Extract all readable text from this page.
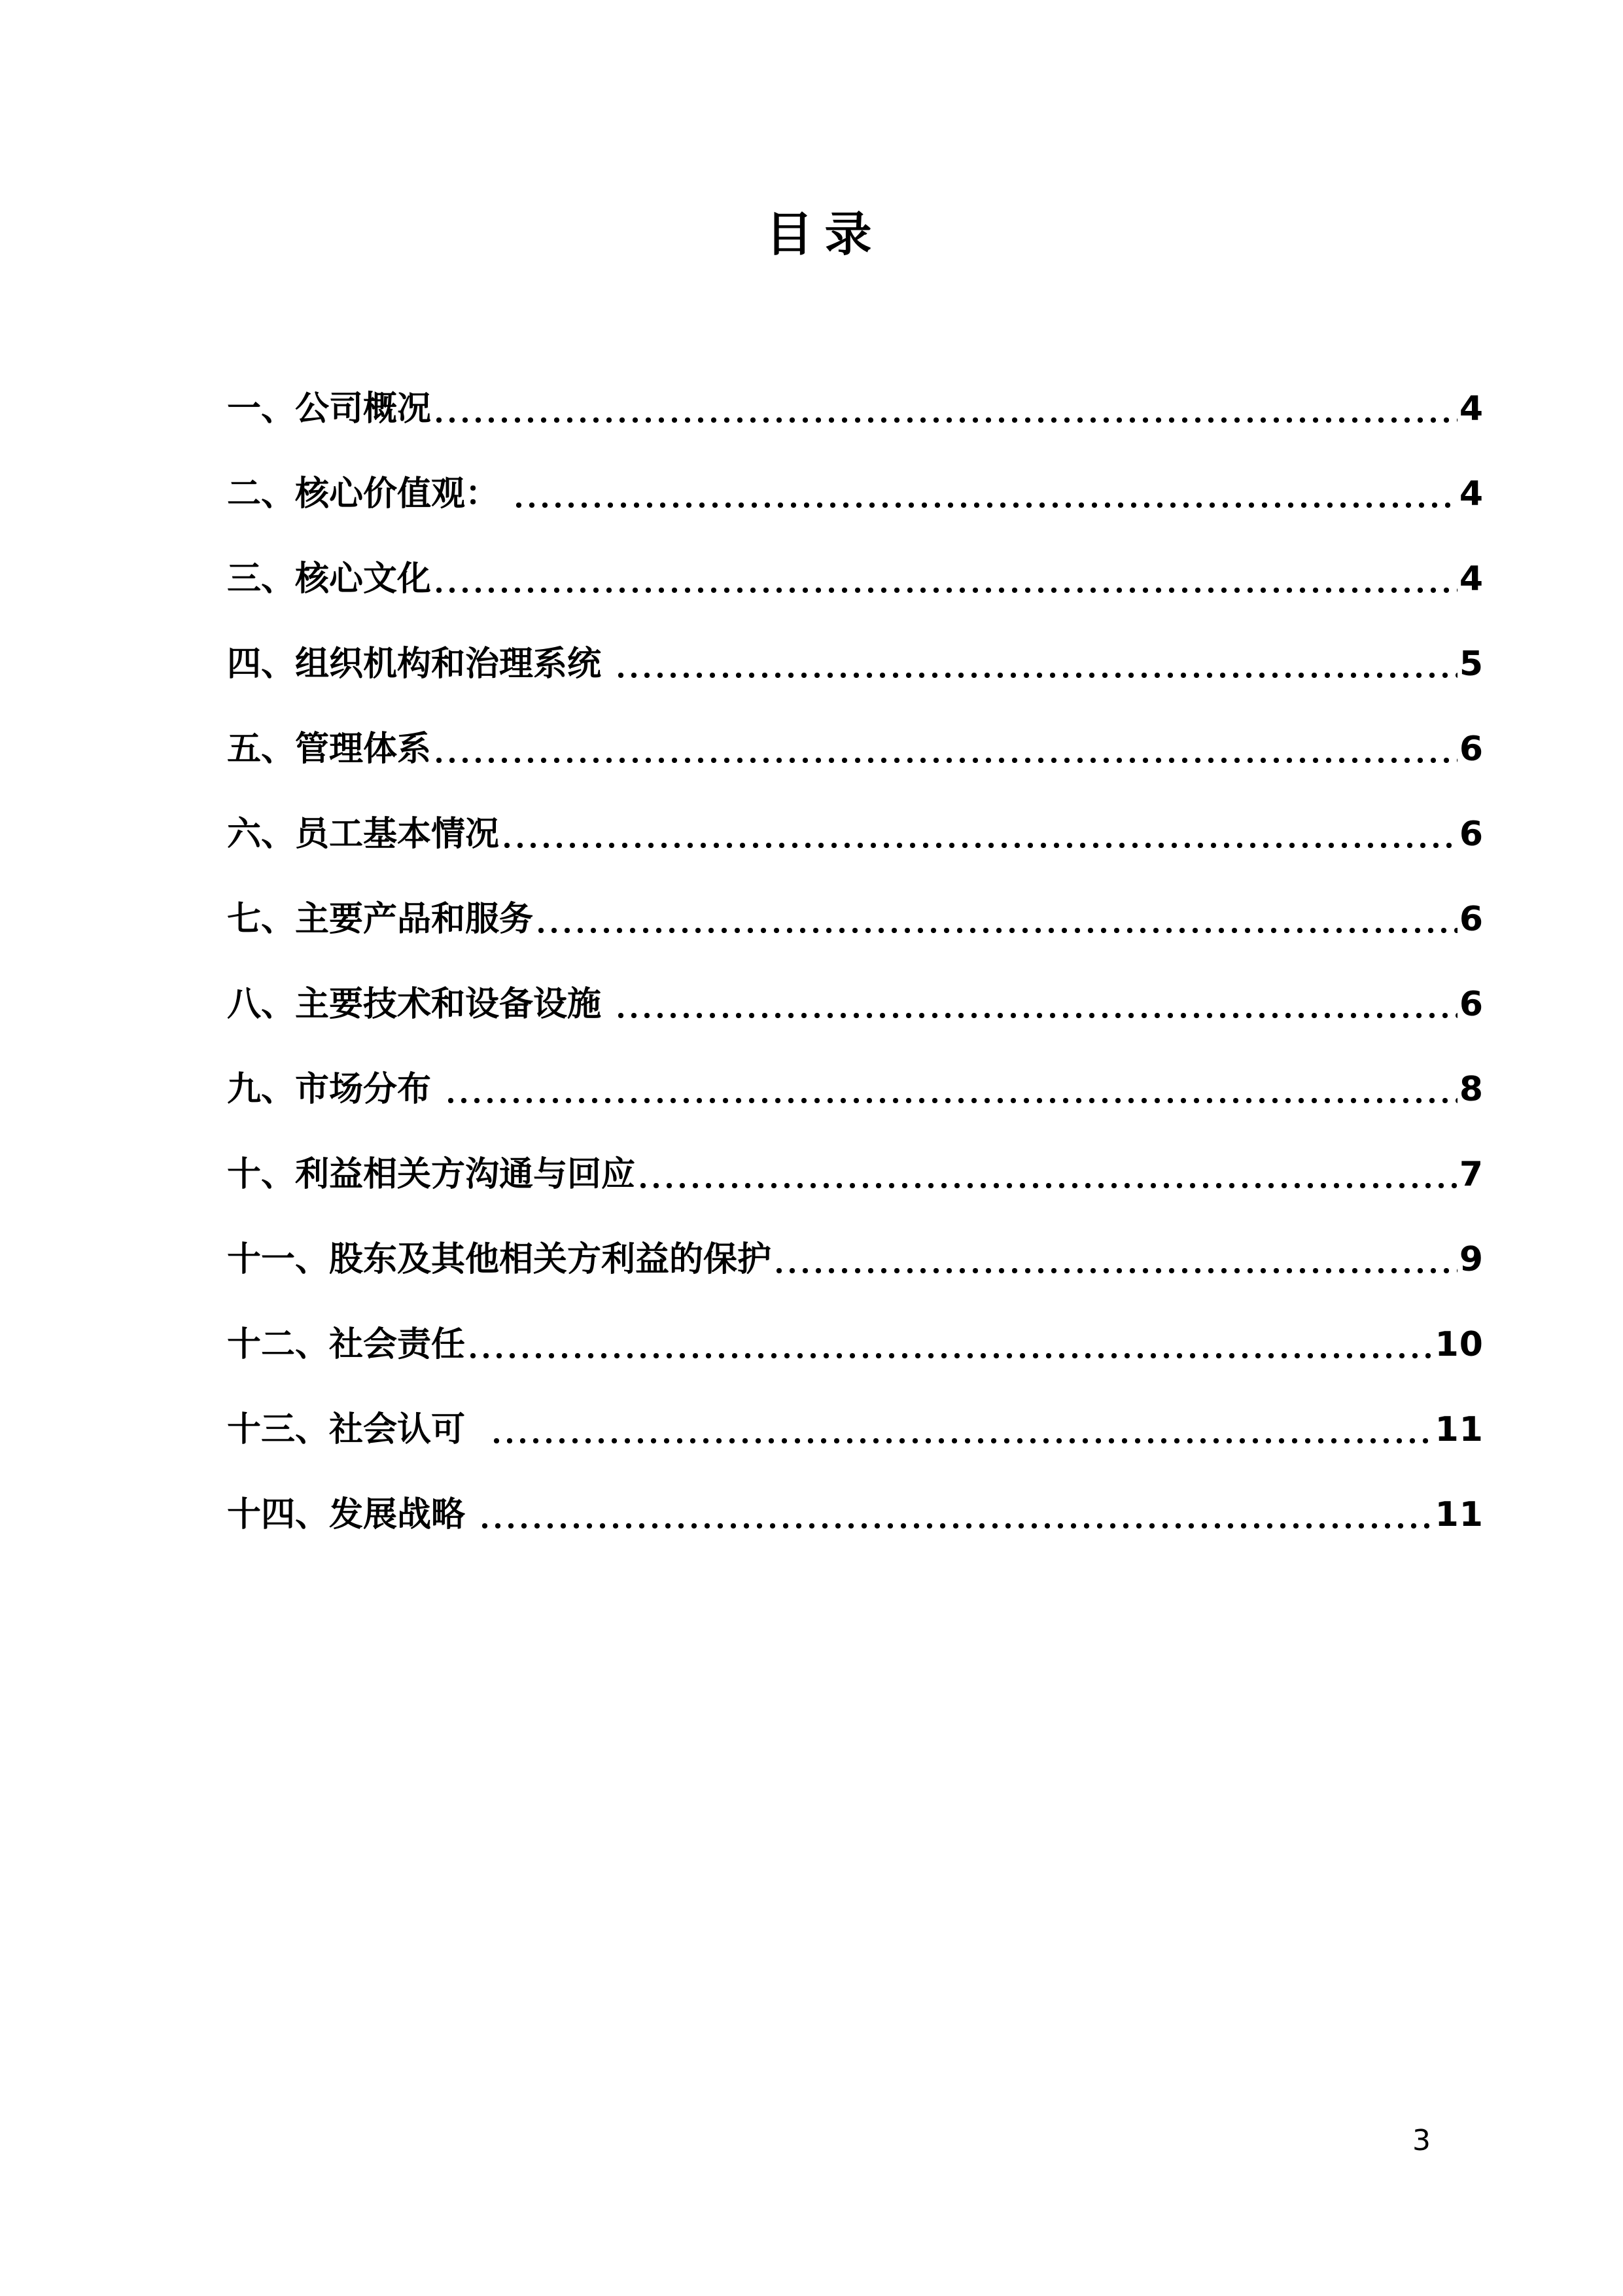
目录
一、公司概况	4
二、核心价值观：	4
三、核心文化	4
四、组织机构和治理系统	5
五、管理体系	6
六、员工基本情况	6
七、主要产品和服务	6
八、主要技术和设备设施	6
九、市场分布	8
十、利益相关方沟通与回应	7
十一、股东及其他相关方利益的保护	9
十二、社会责任	10
十三、社会认可	11
十四、发展战略	11
3
